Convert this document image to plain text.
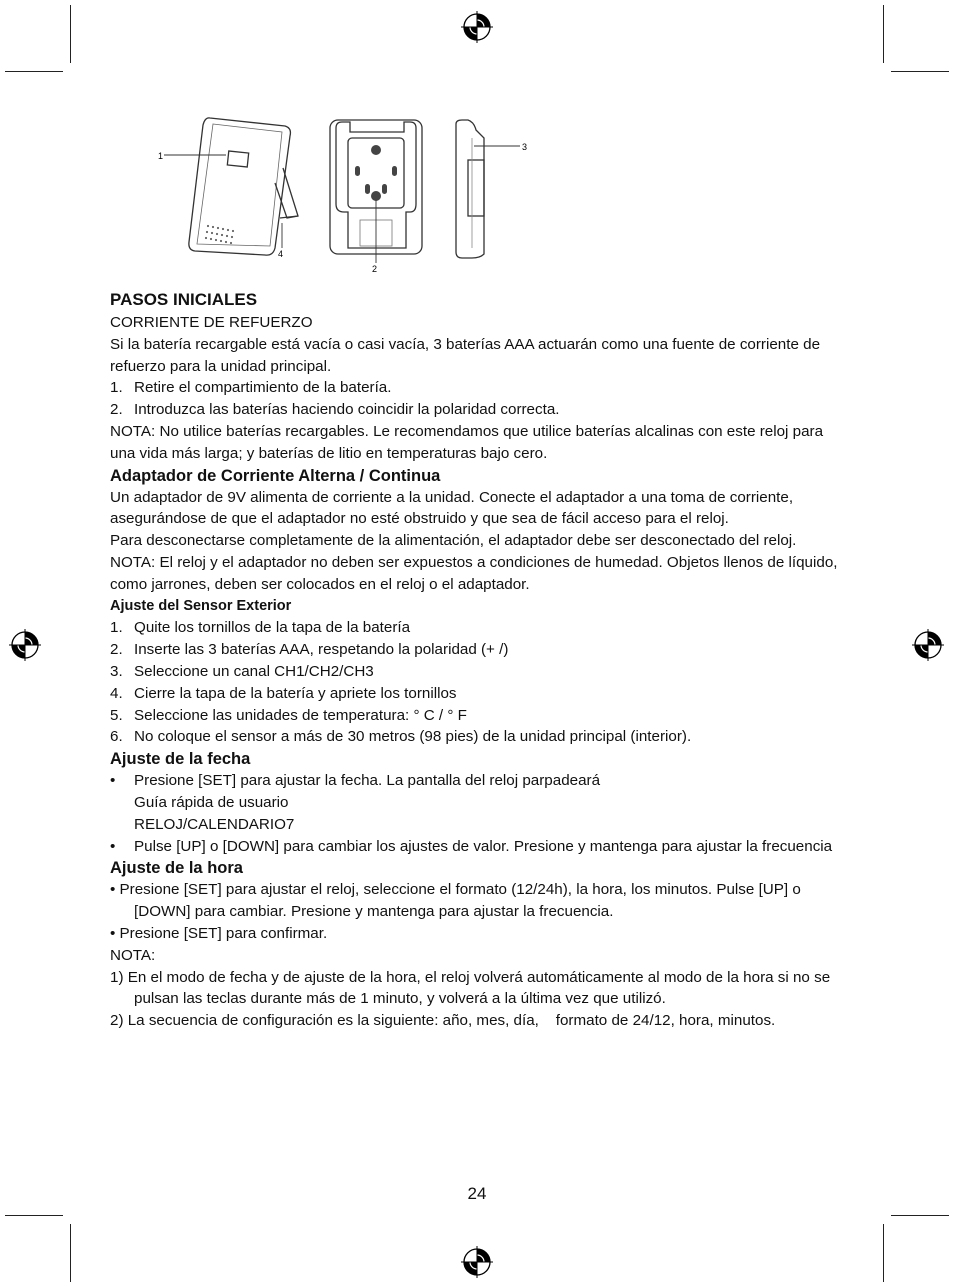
1
4
2
3

PASOS INICIALES

CORRIENTE DE REFUERZO

Si la batería recargable está vacía o casi vacía, 3 baterías AAA actuarán como una fuente de corriente de refuerzo para la unidad principal.

1. Retire el compartimiento de la batería.
2. Introduzca las baterías haciendo coincidir la polaridad correcta.

NOTA: No utilice baterías recargables. Le recomendamos que utilice baterías alcalinas con este reloj para una vida más larga; y baterías de litio en temperaturas bajo cero.

Adaptador de Corriente Alterna / Continua

Un adaptador de 9V alimenta de corriente a la unidad. Conecte el adaptador a una toma de corriente, asegurándose de que el adaptador no esté obstruido y que sea de fácil acceso para el reloj.

Para desconectarse completamente de la alimentación, el adaptador debe ser desconectado del reloj.

NOTA: El reloj y el adaptador no deben ser expuestos a condiciones de humedad. Objetos llenos de líquido, como jarrones, deben ser colocados en el reloj o el adaptador.

Ajuste del Sensor Exterior

1. Quite los tornillos de la tapa de la batería
2. Inserte las 3 baterías AAA, respetando la polaridad (+ /)
3. Seleccione un canal CH1/CH2/CH3
4. Cierre la tapa de la batería y apriete los tornillos
5. Seleccione las unidades de temperatura: ° C / ° F
6. No coloque el sensor a más de 30 metros (98 pies) de la unidad principal (interior).

Ajuste de la fecha

• Presione [SET] para ajustar la fecha. La pantalla del reloj parpadeará

Guía rápida de usuario

RELOJ/CALENDARIO7

• Pulse [UP] o [DOWN] para cambiar los ajustes de valor. Presione y mantenga para ajustar la frecuencia

Ajuste de la hora

• Presione [SET] para ajustar el reloj, seleccione el formato (12/24h), la hora, los minutos. Pulse [UP] o [DOWN] para cambiar. Presione y mantenga para ajustar la frecuencia.

• Presione [SET] para confirmar.

NOTA:

1) En el modo de fecha y de ajuste de la hora, el reloj volverá automáticamente al modo de la hora si no se pulsan las teclas durante más de 1 minuto, y volverá a la última vez que utilizó.

2) La secuencia de configuración es la siguiente: año, mes, día,    formato de 24/12, hora, minutos.

24
